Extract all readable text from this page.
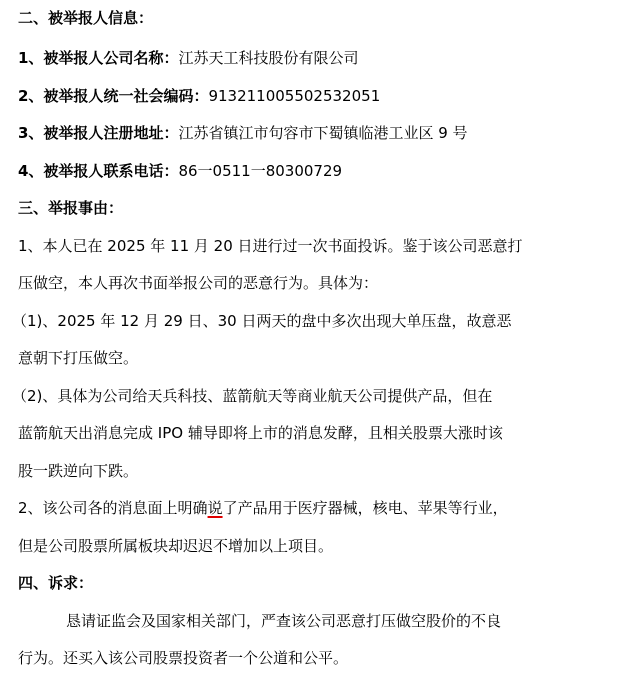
二、被举报人信息：
1、被举报人公司名称：江苏天工科技股份有限公司
2、被举报人统一社会编码：913211005502532051
3、被举报人注册地址：江苏省镇江市句容市下蜀镇临港工业区 9 号
4、被举报人联系电话：86一0511一80300729
三、举报事由：
1、本人已在 2025 年 11 月 20 日进行过一次书面投诉。鉴于该公司恶意打
压做空，本人再次书面举报公司的恶意行为。具体为：
（1)、2025 年 12 月 29 日、30 日两天的盘中多次出现大单压盘，故意恶
意朝下打压做空。
（2)、具体为公司给天兵科技、蓝箭航天等商业航天公司提供产品，但在
蓝箭航天出消息完成 IPO 辅导即将上市的消息发酵，且相关股票大涨时该
股一跌逆向下跌。
2、该公司各的消息面上明确说了产品用于医疗器械，核电、苹果等行业，
但是公司股票所属板块却迟迟不增加以上项目。
四、诉求：
恳请证监会及国家相关部门，严查该公司恶意打压做空股价的不良
行为。还买入该公司股票投资者一个公道和公平。
